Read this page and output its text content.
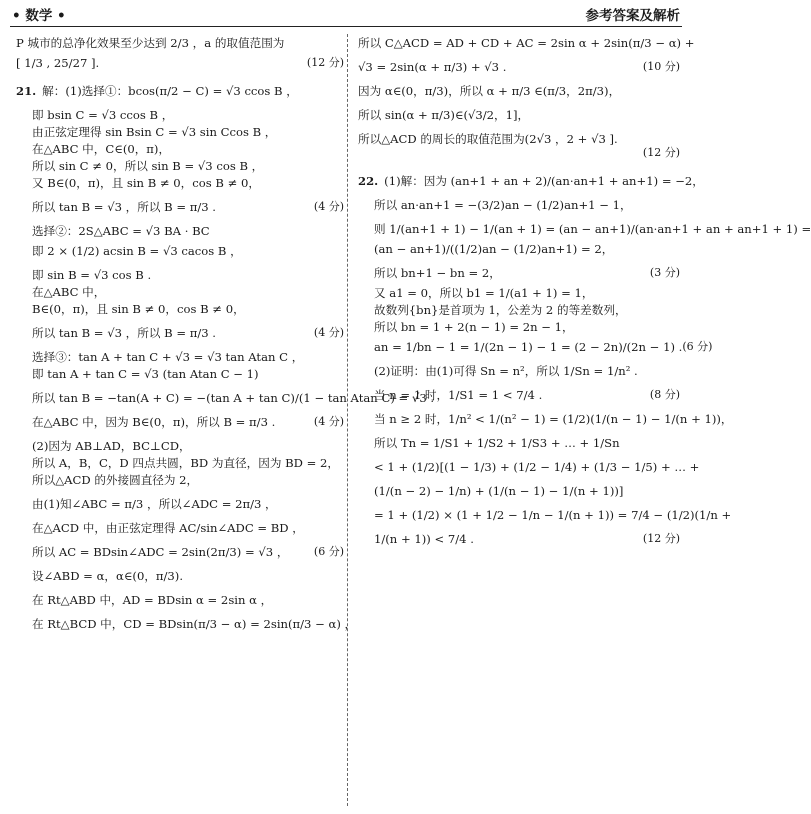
• 数学 •	参考答案及解析
P 城市的总净化效果至少达到 2/3 ，a 的取值范围为
[ 1/3 , 25/27 ].	(12 分)
21. 解：(1)选择①：bcos(π/2 − C) = √3 ccos B ，
即 bsin C = √3 ccos B ，
由正弦定理得 sin Bsin C = √3 sin Ccos B ，
在△ABC 中，C∈(0，π)，
所以 sin C ≠ 0，所以 sin B = √3 cos B ，
又 B∈(0，π)，且 sin B ≠ 0，cos B ≠ 0，
所以 tan B = √3 ，所以 B = π/3 .	(4 分)
选择②：2S△ABC = √3 BA · BC
即 2 × (1/2) acsin B = √3 cacos B ，
即 sin B = √3 cos B .
在△ABC 中，
B∈(0，π)，且 sin B ≠ 0，cos B ≠ 0，
所以 tan B = √3 ，所以 B = π/3 .	(4 分)
选择③：tan A + tan C + √3 = √3 tan Atan C ，
即 tan A + tan C = √3 (tan Atan C − 1)
所以 tan B = −tan(A + C) = −(tan A + tan C)/(1 − tan Atan C) = √3 .
在△ABC 中，因为 B∈(0，π)，所以 B = π/3 .	(4 分)
(2)因为 AB⊥AD，BC⊥CD，
所以 A，B，C，D 四点共圆，BD 为直径，因为 BD = 2，
所以△ACD 的外接圆直径为 2，
由(1)知∠ABC = π/3 ，所以∠ADC = 2π/3 ，
在△ACD 中，由正弦定理得 AC/sin∠ADC = BD ，
所以 AC = BDsin∠ADC = 2sin(2π/3) = √3 ， (6 分)
设∠ABD = α，α∈(0，π/3).
在 Rt△ABD 中，AD = BDsin α = 2sin α ，
在 Rt△BCD 中，CD = BDsin(π/3 − α) = 2sin(π/3 − α) ，
所以 C△ACD = AD + CD + AC = 2sin α + 2sin(π/3 − α) +
√3 = 2sin(α + π/3) + √3 .	(10 分)
因为 α∈(0，π/3)，所以 α + π/3 ∈(π/3，2π/3)，
所以 sin(α + π/3)∈(√3/2，1]，
所以△ACD 的周长的取值范围为(2√3 ，2 + √3 ].
(12 分)
22. (1)解：因为 (an+1 + an + 2)/(an·an+1 + an+1) = −2，
所以 an·an+1 = −(3/2)an − (1/2)an+1 − 1，
则 1/(an+1 + 1) − 1/(an + 1) = (an − an+1)/(an·an+1 + an + an+1 + 1) =
(an − an+1)/((1/2)an − (1/2)an+1) = 2，
所以 bn+1 − bn = 2，	(3 分)
又 a1 = 0，所以 b1 = 1/(a1 + 1) = 1，
故数列{bn}是首项为 1，公差为 2 的等差数列，
所以 bn = 1 + 2(n − 1) = 2n − 1，
an = 1/bn − 1 = 1/(2n − 1) − 1 = (2 − 2n)/(2n − 1) . (6 分)
(2)证明：由(1)可得 Sn = n²，所以 1/Sn = 1/n² .
当 n = 1 时，1/S1 = 1 < 7/4 .	(8 分)
当 n ≥ 2 时，1/n² < 1/(n² − 1) = (1/2)(1/(n − 1) − 1/(n + 1))，
所以 Tn = 1/S1 + 1/S2 + 1/S3 + … + 1/Sn
< 1 + (1/2)[(1 − 1/3) + (1/2 − 1/4) + (1/3 − 1/5) + … +
(1/(n − 2) − 1/n) + (1/(n − 1) − 1/(n + 1))]
= 1 + (1/2) × (1 + 1/2 − 1/n − 1/(n + 1)) = 7/4 − (1/2)(1/n +
1/(n + 1)) < 7/4 .	(12 分)
